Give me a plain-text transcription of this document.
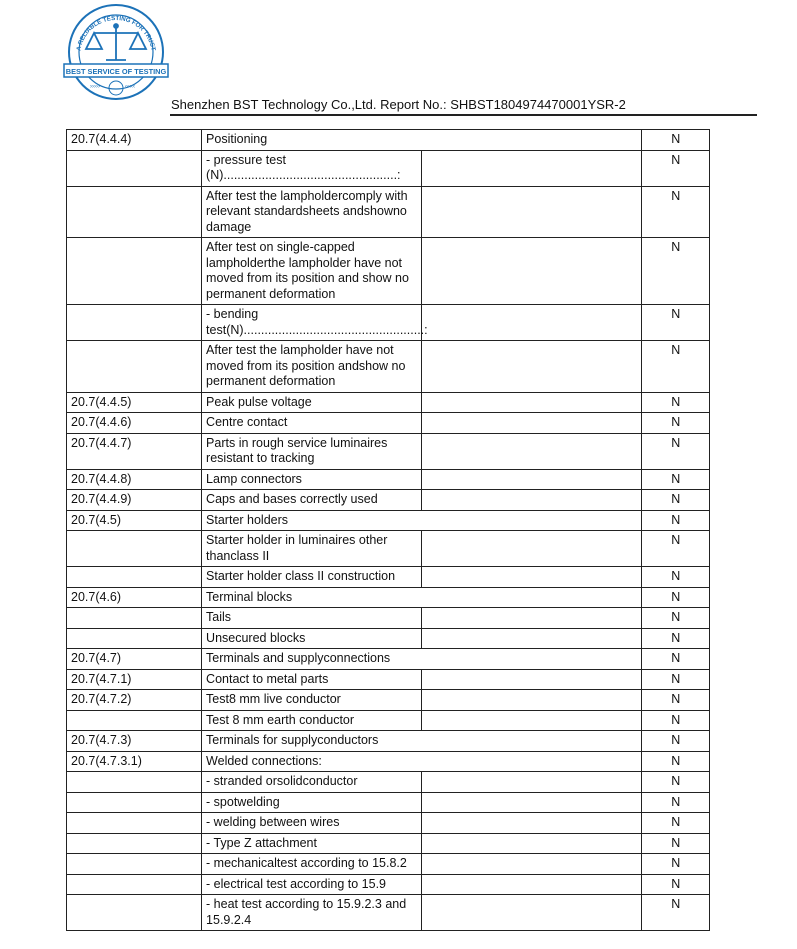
A RELIABLE TESTING FOR TRUST
BEST SERVICE OF TESTING
›››››	‹‹‹‹‹
Shenzhen BST Technology Co.,Ltd. Report No.: SHBST1804974470001YSR-2
20.7(4.4.4)	Positioning		N
	- pressure test (N)..................................................:		N
	After test the lampholdercomply with relevant standardsheets andshowno damage		N
	After test on single-capped lampholderthe lampholder have not moved from its position and show no permanent deformation		N
	- bending test(N)....................................................:		N
	After test the lampholder have not moved from its position andshow no permanent deformation		N
20.7(4.4.5)	Peak pulse voltage		N
20.7(4.4.6)	Centre contact		N
20.7(4.4.7)	Parts in rough service luminaires resistant to tracking		N
20.7(4.4.8)	Lamp connectors		N
20.7(4.4.9)	Caps and bases correctly used		N
20.7(4.5)	Starter holders		N
	Starter holder in luminaires other thanclass II		N
	Starter holder class II construction		N
20.7(4.6)	Terminal blocks		N
	Tails		N
	Unsecured blocks		N
20.7(4.7)	Terminals and supplyconnections		N
20.7(4.7.1)	Contact to metal parts		N
20.7(4.7.2)	Test8 mm live conductor		N
	Test 8 mm earth conductor		N
20.7(4.7.3)	Terminals for supplyconductors		N
20.7(4.7.3.1)	Welded connections:		N
	- stranded orsolidconductor		N
	- spotwelding		N
	- welding between wires		N
	- Type Z attachment		N
	- mechanicaltest according to 15.8.2		N
	- electrical test according to 15.9		N
	- heat test according to 15.9.2.3 and 15.9.2.4		N
